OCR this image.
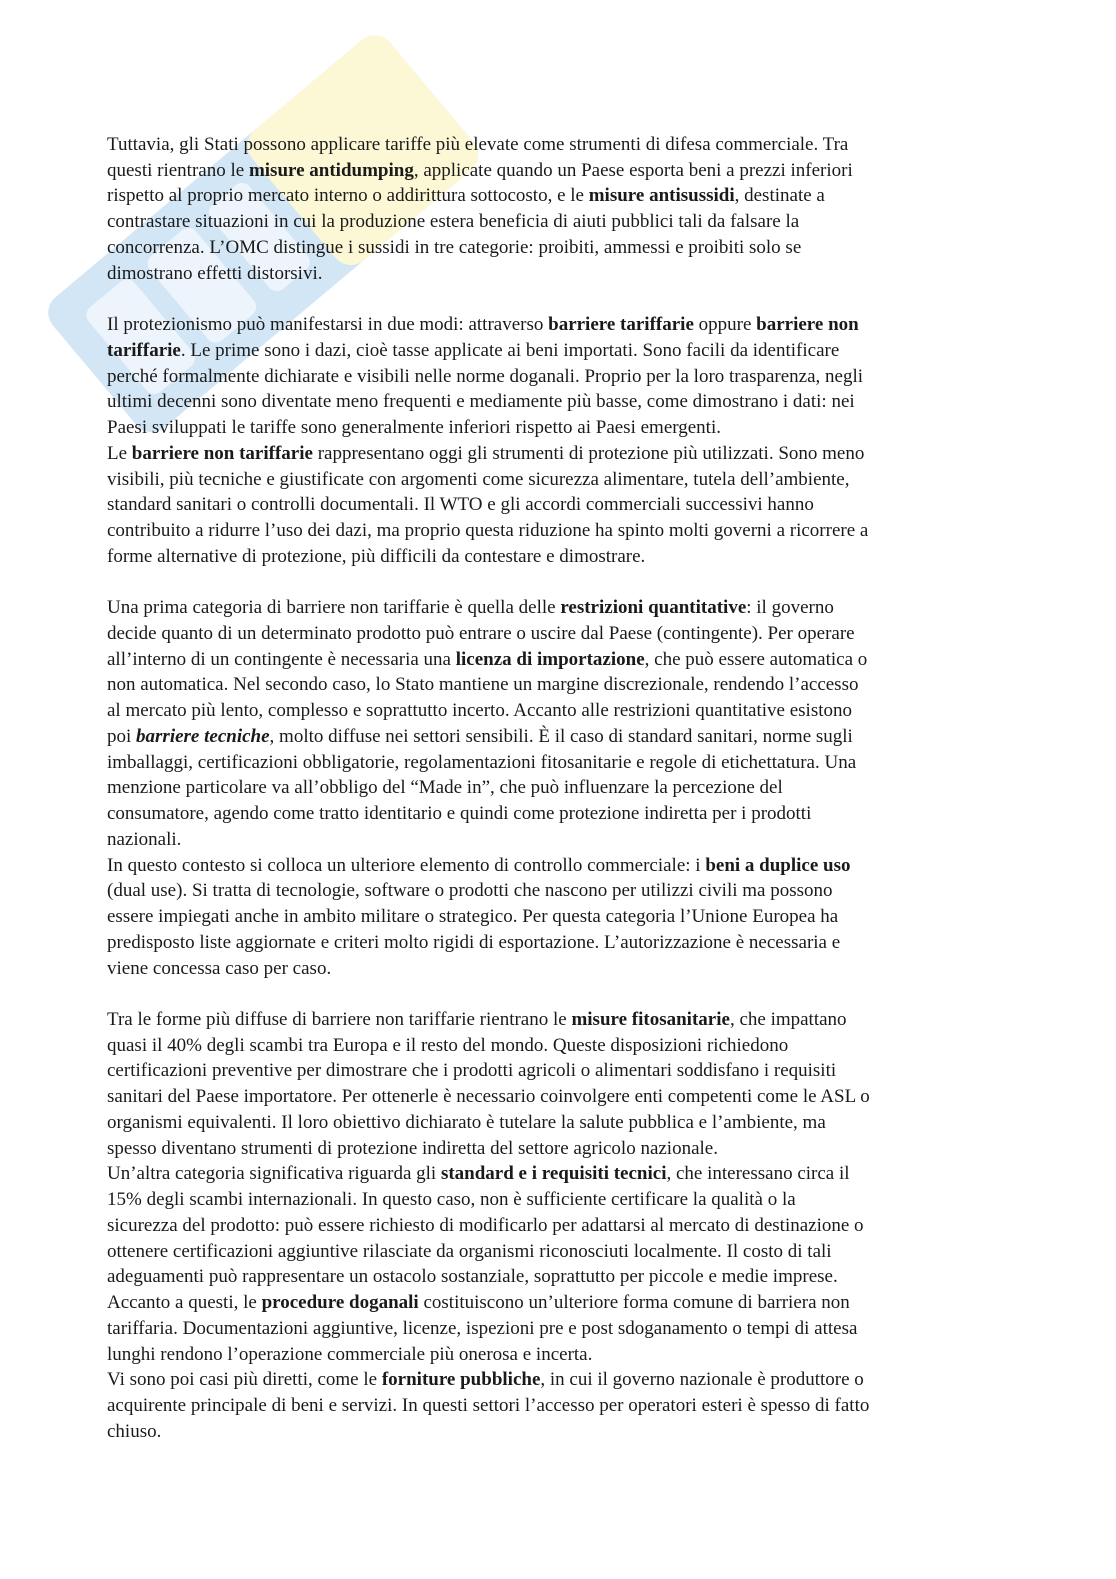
Tuttavia, gli Stati possono applicare tariffe più elevate come strumenti di difesa commerciale. Tra
questi rientrano le misure antidumping, applicate quando un Paese esporta beni a prezzi inferiori
rispetto al proprio mercato interno o addirittura sottocosto, e le misure antisussidi, destinate a
contrastare situazioni in cui la produzione estera beneficia di aiuti pubblici tali da falsare la
concorrenza. L’OMC distingue i sussidi in tre categorie: proibiti, ammessi e proibiti solo se
dimostrano effetti distorsivi.
Il protezionismo può manifestarsi in due modi: attraverso barriere tariffarie oppure barriere non
tariffarie. Le prime sono i dazi, cioè tasse applicate ai beni importati. Sono facili da identificare
perché formalmente dichiarate e visibili nelle norme doganali. Proprio per la loro trasparenza, negli
ultimi decenni sono diventate meno frequenti e mediamente più basse, come dimostrano i dati: nei
Paesi sviluppati le tariffe sono generalmente inferiori rispetto ai Paesi emergenti.
Le barriere non tariffarie rappresentano oggi gli strumenti di protezione più utilizzati. Sono meno
visibili, più tecniche e giustificate con argomenti come sicurezza alimentare, tutela dell’ambiente,
standard sanitari o controlli documentali. Il WTO e gli accordi commerciali successivi hanno
contribuito a ridurre l’uso dei dazi, ma proprio questa riduzione ha spinto molti governi a ricorrere a
forme alternative di protezione, più difficili da contestare e dimostrare.
Una prima categoria di barriere non tariffarie è quella delle restrizioni quantitative: il governo
decide quanto di un determinato prodotto può entrare o uscire dal Paese (contingente). Per operare
all’interno di un contingente è necessaria una licenza di importazione, che può essere automatica o
non automatica. Nel secondo caso, lo Stato mantiene un margine discrezionale, rendendo l’accesso
al mercato più lento, complesso e soprattutto incerto. Accanto alle restrizioni quantitative esistono
poi barriere tecniche, molto diffuse nei settori sensibili. È il caso di standard sanitari, norme sugli
imballaggi, certificazioni obbligatorie, regolamentazioni fitosanitarie e regole di etichettatura. Una
menzione particolare va all’obbligo del “Made in”, che può influenzare la percezione del
consumatore, agendo come tratto identitario e quindi come protezione indiretta per i prodotti
nazionali.
In questo contesto si colloca un ulteriore elemento di controllo commerciale: i beni a duplice uso
(dual use). Si tratta di tecnologie, software o prodotti che nascono per utilizzi civili ma possono
essere impiegati anche in ambito militare o strategico. Per questa categoria l’Unione Europea ha
predisposto liste aggiornate e criteri molto rigidi di esportazione. L’autorizzazione è necessaria e
viene concessa caso per caso.
Tra le forme più diffuse di barriere non tariffarie rientrano le misure fitosanitarie, che impattano
quasi il 40% degli scambi tra Europa e il resto del mondo. Queste disposizioni richiedono
certificazioni preventive per dimostrare che i prodotti agricoli o alimentari soddisfano i requisiti
sanitari del Paese importatore. Per ottenerle è necessario coinvolgere enti competenti come le ASL o
organismi equivalenti. Il loro obiettivo dichiarato è tutelare la salute pubblica e l’ambiente, ma
spesso diventano strumenti di protezione indiretta del settore agricolo nazionale.
Un’altra categoria significativa riguarda gli standard e i requisiti tecnici, che interessano circa il
15% degli scambi internazionali. In questo caso, non è sufficiente certificare la qualità o la
sicurezza del prodotto: può essere richiesto di modificarlo per adattarsi al mercato di destinazione o
ottenere certificazioni aggiuntive rilasciate da organismi riconosciuti localmente. Il costo di tali
adeguamenti può rappresentare un ostacolo sostanziale, soprattutto per piccole e medie imprese.
Accanto a questi, le procedure doganali costituiscono un’ulteriore forma comune di barriera non
tariffaria. Documentazioni aggiuntive, licenze, ispezioni pre e post sdoganamento o tempi di attesa
lunghi rendono l’operazione commerciale più onerosa e incerta.
Vi sono poi casi più diretti, come le forniture pubbliche, in cui il governo nazionale è produttore o
acquirente principale di beni e servizi. In questi settori l’accesso per operatori esteri è spesso di fatto
chiuso.
